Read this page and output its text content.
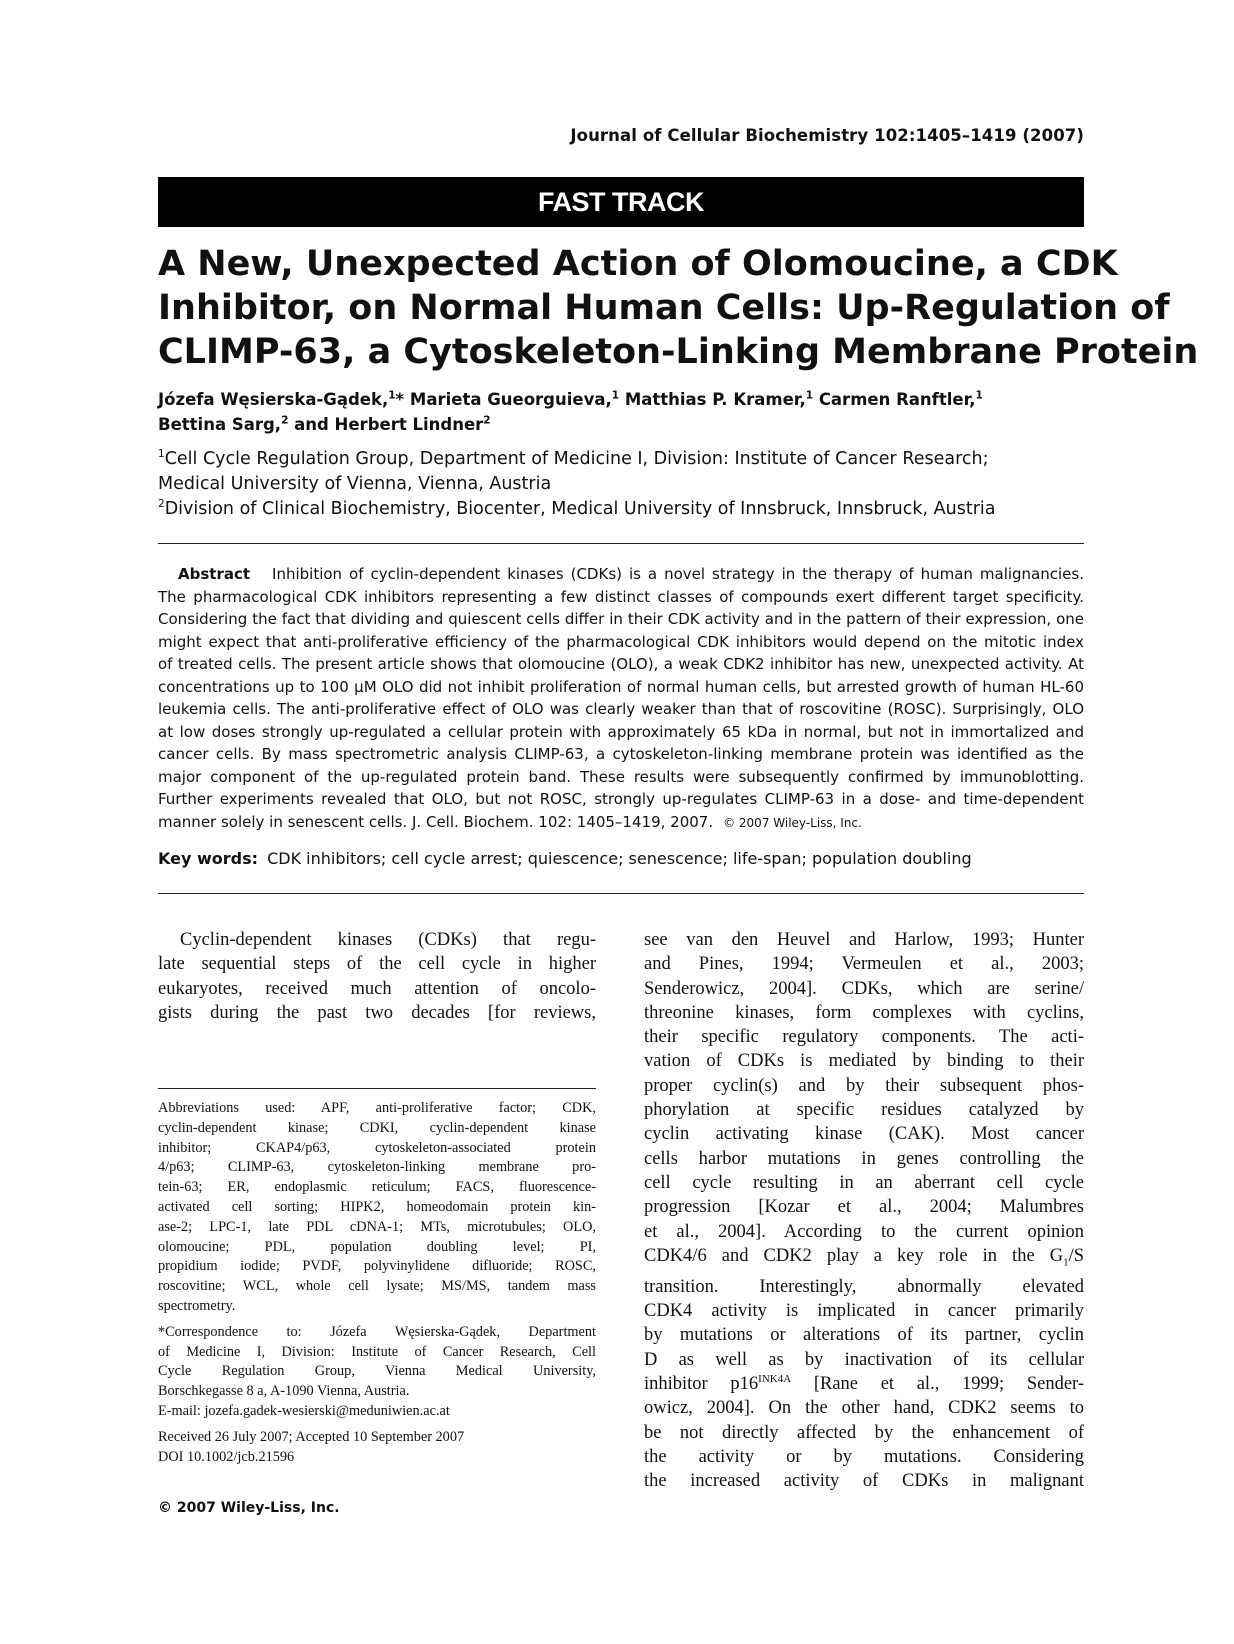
Journal of Cellular Biochemistry 102:1405–1419 (2007)
FAST TRACK
A New, Unexpected Action of Olomoucine, a CDK
Inhibitor, on Normal Human Cells: Up-Regulation of
CLIMP-63, a Cytoskeleton-Linking Membrane Protein
Józefa Węsierska-Gądek,$^1$* Marieta Gueorguieva,$^1$ Matthias P. Kramer,$^1$ Carmen Ranftler,$^1$
Bettina Sarg,$^2$ and Herbert Lindner$^2$
$^1$Cell Cycle Regulation Group, Department of Medicine I, Division: Institute of Cancer Research;
Medical University of Vienna, Vienna, Austria
$^2$Division of Clinical Biochemistry, Biocenter, Medical University of Innsbruck, Innsbruck, Austria
Abstract Inhibition of cyclin-dependent kinases (CDKs) is a novel strategy in the therapy of human malignancies.
The pharmacological CDK inhibitors representing a few distinct classes of compounds exert different target specificity.
Considering the fact that dividing and quiescent cells differ in their CDK activity and in the pattern of their expression, one
might expect that anti-proliferative efficiency of the pharmacological CDK inhibitors would depend on the mitotic index
of treated cells. The present article shows that olomoucine (OLO), a weak CDK2 inhibitor has new, unexpected activity. At
concentrations up to 100 µM OLO did not inhibit proliferation of normal human cells, but arrested growth of human HL-60
leukemia cells. The anti-proliferative effect of OLO was clearly weaker than that of roscovitine (ROSC). Surprisingly, OLO
at low doses strongly up-regulated a cellular protein with approximately 65 kDa in normal, but not in immortalized and
cancer cells. By mass spectrometric analysis CLIMP-63, a cytoskeleton-linking membrane protein was identified as the
major component of the up-regulated protein band. These results were subsequently confirmed by immunoblotting.
Further experiments revealed that OLO, but not ROSC, strongly up-regulates CLIMP-63 in a dose- and time-dependent
manner solely in senescent cells. J. Cell. Biochem. 102: 1405–1419, 2007. © 2007 Wiley-Liss, Inc.
Key words: CDK inhibitors; cell cycle arrest; quiescence; senescence; life-span; population doubling
Cyclin-dependent kinases (CDKs) that regu-
late sequential steps of the cell cycle in higher
eukaryotes, received much attention of oncolo-
gists during the past two decades [for reviews,
Abbreviations used: APF, anti-proliferative factor; CDK,
cyclin-dependent kinase; CDKI, cyclin-dependent kinase
inhibitor; CKAP4/p63, cytoskeleton-associated protein
4/p63; CLIMP-63, cytoskeleton-linking membrane pro-
tein-63; ER, endoplasmic reticulum; FACS, fluorescence-
activated cell sorting; HIPK2, homeodomain protein kin-
ase-2; LPC-1, late PDL cDNA-1; MTs, microtubules; OLO,
olomoucine; PDL, population doubling level; PI,
propidium iodide; PVDF, polyvinylidene difluoride; ROSC,
roscovitine; WCL, whole cell lysate; MS/MS, tandem mass
spectrometry.
*Correspondence to: Józefa Węsierska-Gądek, Department
of Medicine I, Division: Institute of Cancer Research, Cell
Cycle Regulation Group, Vienna Medical University,
Borschkegasse 8 a, A-1090 Vienna, Austria.
E-mail: jozefa.gadek-wesierski@meduniwien.ac.at
Received 26 July 2007; Accepted 10 September 2007
DOI 10.1002/jcb.21596
© 2007 Wiley-Liss, Inc.
see van den Heuvel and Harlow, 1993; Hunter
and Pines, 1994; Vermeulen et al., 2003;
Senderowicz, 2004]. CDKs, which are serine/
threonine kinases, form complexes with cyclins,
their specific regulatory components. The acti-
vation of CDKs is mediated by binding to their
proper cyclin(s) and by their subsequent phos-
phorylation at specific residues catalyzed by
cyclin activating kinase (CAK). Most cancer
cells harbor mutations in genes controlling the
cell cycle resulting in an aberrant cell cycle
progression [Kozar et al., 2004; Malumbres
et al., 2004]. According to the current opinion
CDK4/6 and CDK2 play a key role in the $G_1/S$
transition. Interestingly, abnormally elevated
CDK4 activity is implicated in cancer primarily
by mutations or alterations of its partner, cyclin
D as well as by inactivation of its cellular
inhibitor $p16^{INK4A}$ [Rane et al., 1999; Sender-
owicz, 2004]. On the other hand, CDK2 seems to
be not directly affected by the enhancement of
the activity or by mutations. Considering
the increased activity of CDKs in malignant
